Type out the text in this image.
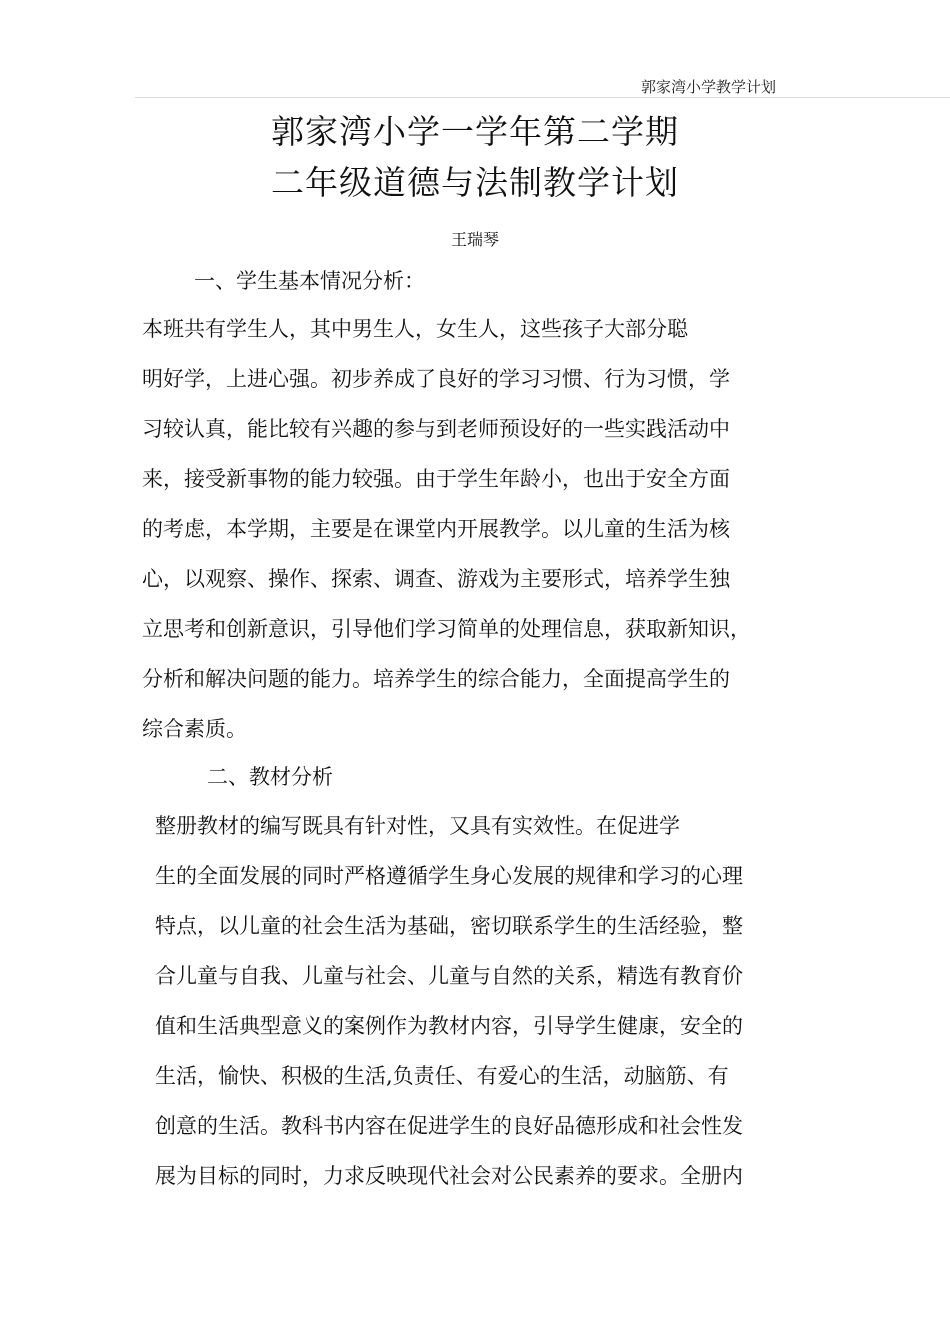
郭家湾小学教学计划
郭家湾小学一学年第二学期
二年级道德与法制教学计划
王瑞琴
一、学生基本情况分析：
本班共有学生人，其中男生人，女生人，这些孩子大部分聪
明好学，上进心强。初步养成了良好的学习习惯、行为习惯，学
习较认真，能比较有兴趣的参与到老师预设好的一些实践活动中
来，接受新事物的能力较强。由于学生年龄小，也出于安全方面
的考虑，本学期，主要是在课堂内开展教学。以儿童的生活为核
心，以观察、操作、探索、调查、游戏为主要形式，培养学生独
立思考和创新意识，引导他们学习简单的处理信息，获取新知识，
分析和解决问题的能力。培养学生的综合能力，全面提高学生的
综合素质。
二、教材分析
整册教材的编写既具有针对性，又具有实效性。在促进学
生的全面发展的同时严格遵循学生身心发展的规律和学习的心理
特点，以儿童的社会生活为基础，密切联系学生的生活经验，整
合儿童与自我、儿童与社会、儿童与自然的关系，精选有教育价
值和生活典型意义的案例作为教材内容，引导学生健康，安全的
生活，愉快、积极的生活,负责任、有爱心的生活，动脑筋、有
创意的生活。教科书内容在促进学生的良好品德形成和社会性发
展为目标的同时，力求反映现代社会对公民素养的要求。全册内
